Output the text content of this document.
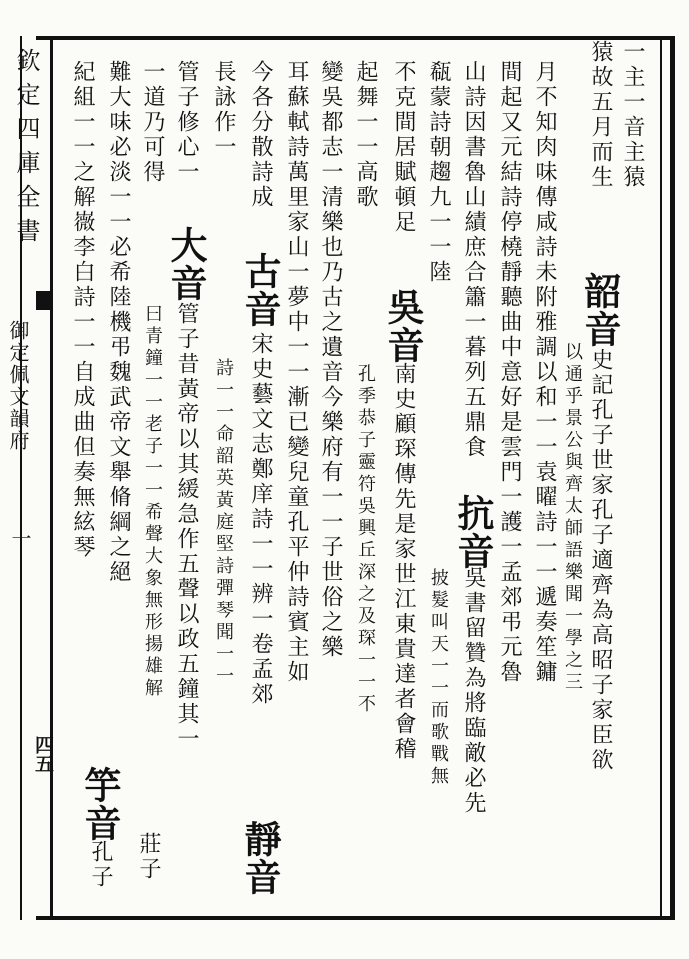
欽定四庫全書
御定佩文韻府
一
四五
一主一音主猿
猿故五月而生
韶音
史記孔子世家孔子適齊為高昭子家臣欲
以通乎景公與齊太師語樂聞一學之三
月不知肉味傳咸詩未附雅調以和一一袁曜詩一一遞奏笙鏞
間起又元結詩停橈靜聽曲中意好是雲門一護一孟郊弔元魯
山詩因書魯山績庶合簫一暮列五鼎食
抗音
吳書留贊為將臨敵必先
瓻蒙詩朝趨九一一陸
披髮叫天一一而歌戰無
不克間居賦頓足
吳音
南史顧琛傳先是家世江東貴達者會稽
起舞一一高歌
孔季恭子靈符吳興丘深之及琛一一不
變吳都志一清樂也乃古之遺音今樂府有一一子世俗之樂
耳蘇軾詩萬里家山一夢中一一漸已變兒童孔平仲詩賓主如
今各分散詩成
古音
宋史藝文志鄭庠詩一一辨一卷孟郊
靜音
長詠作一
詩一一命韶英黃庭堅詩彈琴聞一一
管子修心一
大音
管子昔黃帝以其緩急作五聲以政五鐘其一
一道乃可得
曰青鐘一一老子一一希聲大象無形揚雄解
難大味必淡一一必希陸機弔魏武帝文舉脩綱之絕
紀組一一之解嶶李白詩一一自成曲但奏無絃琴
竽音
莊子
孔子
